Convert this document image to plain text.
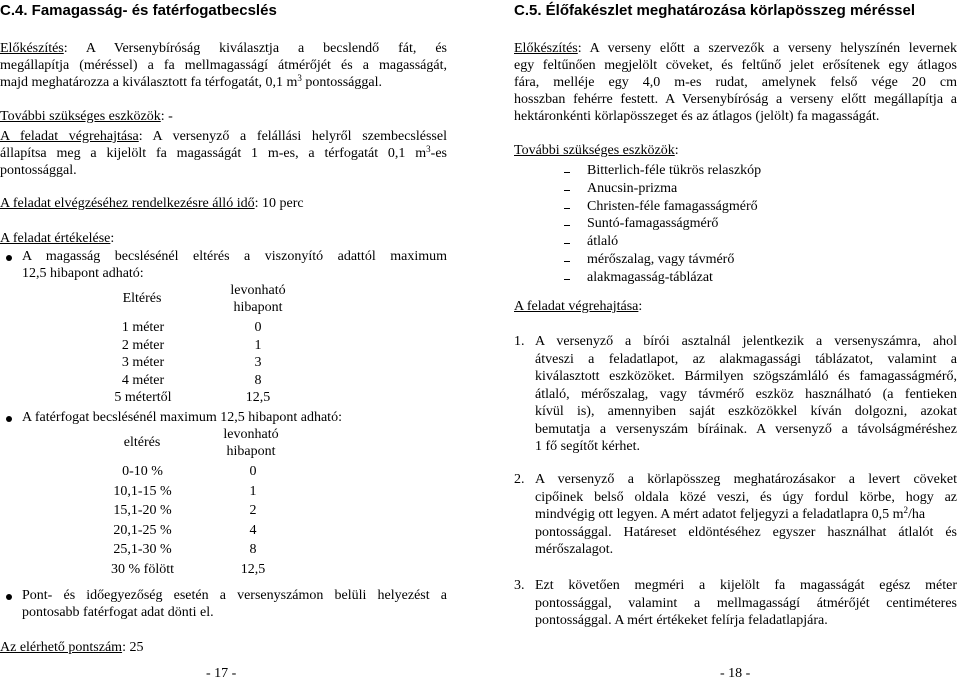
C.4. Famagasság- és fatérfogatbecslés
Előkészítés: A Versenybíróság kiválasztja a becslendő fát, és
megállapítja (méréssel) a fa mellmagasságí átmérőjét és a magasságát,
majd meghatározza a kiválasztott fa térfogatát, 0,1 $m^3$ pontossággal.
További szükséges eszközök: -
A feladat végrehajtása: A versenyző a felállási helyről szembecsléssel
állapítsa meg a kijelölt fa magasságát 1 m-es, a térfogatát 0,1 $m^3-es$
pontossággal.
A feladat elvégzéséhez rendelkezésre álló idő: 10 perc
A feladat értékelése:
A magasság becslésénél eltérés a viszonyító adattól maximum
12,5 hibapont adható:
Eltérés
levonható
hibapont
1 méter	0
2 méter	1
3 méter	3
4 méter	8
5 métertől	12,5
A fatérfogat becslésénél maximum 12,5 hibapont adható:
eltérés
levonható
hibapont
0-10 %	0
10,1-15 %	1
15,1-20 %	2
20,1-25 %	4
25,1-30 %	8
30 % fölött	12,5
Pont- és időegyezőség esetén a versenyszámon belüli helyezést a
pontosabb fatérfogat adat dönti el.
Az elérhető pontszám: 25
- 17 -
C.5. Élőfakészlet meghatározása körlapösszeg méréssel
Előkészítés: A verseny előtt a szervezők a verseny helyszínén levernek
egy feltűnően megjelölt cöveket, és feltűnő jelet erősítenek egy átlagos
fára, melléje egy 4,0 m-es rudat, amelynek felső vége 20 cm
hosszban fehérre festett. A Versenybíróság a verseny előtt megállapítja a
hektáronkénti körlapösszeget és az átlagos (jelölt) fa magasságát.
További szükséges eszközök:
Bitterlich-féle tükrös relaszkóp
Anucsin-prizma
Christen-féle famagasságmérő
Suntó-famagasságmérő
átlaló
mérőszalag, vagy távmérő
alakmagasság-táblázat
A feladat végrehajtása:
1. A versenyző a bírói asztalnál jelentkezik a versenyszámra, ahol
átveszi a feladatlapot, az alakmagassági táblázatot, valamint a
kiválasztott eszközöket. Bármilyen szögszámláló és famagasságmérő,
átlaló, mérőszalag, vagy távmérő eszköz használható (a fentieken
kívül is), amennyiben saját eszközökkel kíván dolgozni, azokat
bemutatja a versenyszám bíráinak. A versenyző a távolságméréshez
1 fő segítőt kérhet.
2. A versenyző a körlapösszeg meghatározásakor a levert cöveket
cipőinek belső oldala közé veszi, és úgy fordul körbe, hogy az
mindvégig ott legyen. A mért adatot feljegyzi a feladatlapra 0,5 $m^2/ha$
pontossággal. Határeset eldöntéséhez egyszer használhat átlalót és
mérőszalagot.
3. Ezt követően megméri a kijelölt fa magasságát egész méter
pontossággal, valamint a mellmagasságí átmérőjét centiméteres
pontossággal. A mért értékeket felírja feladatlapjára.
- 18 -
